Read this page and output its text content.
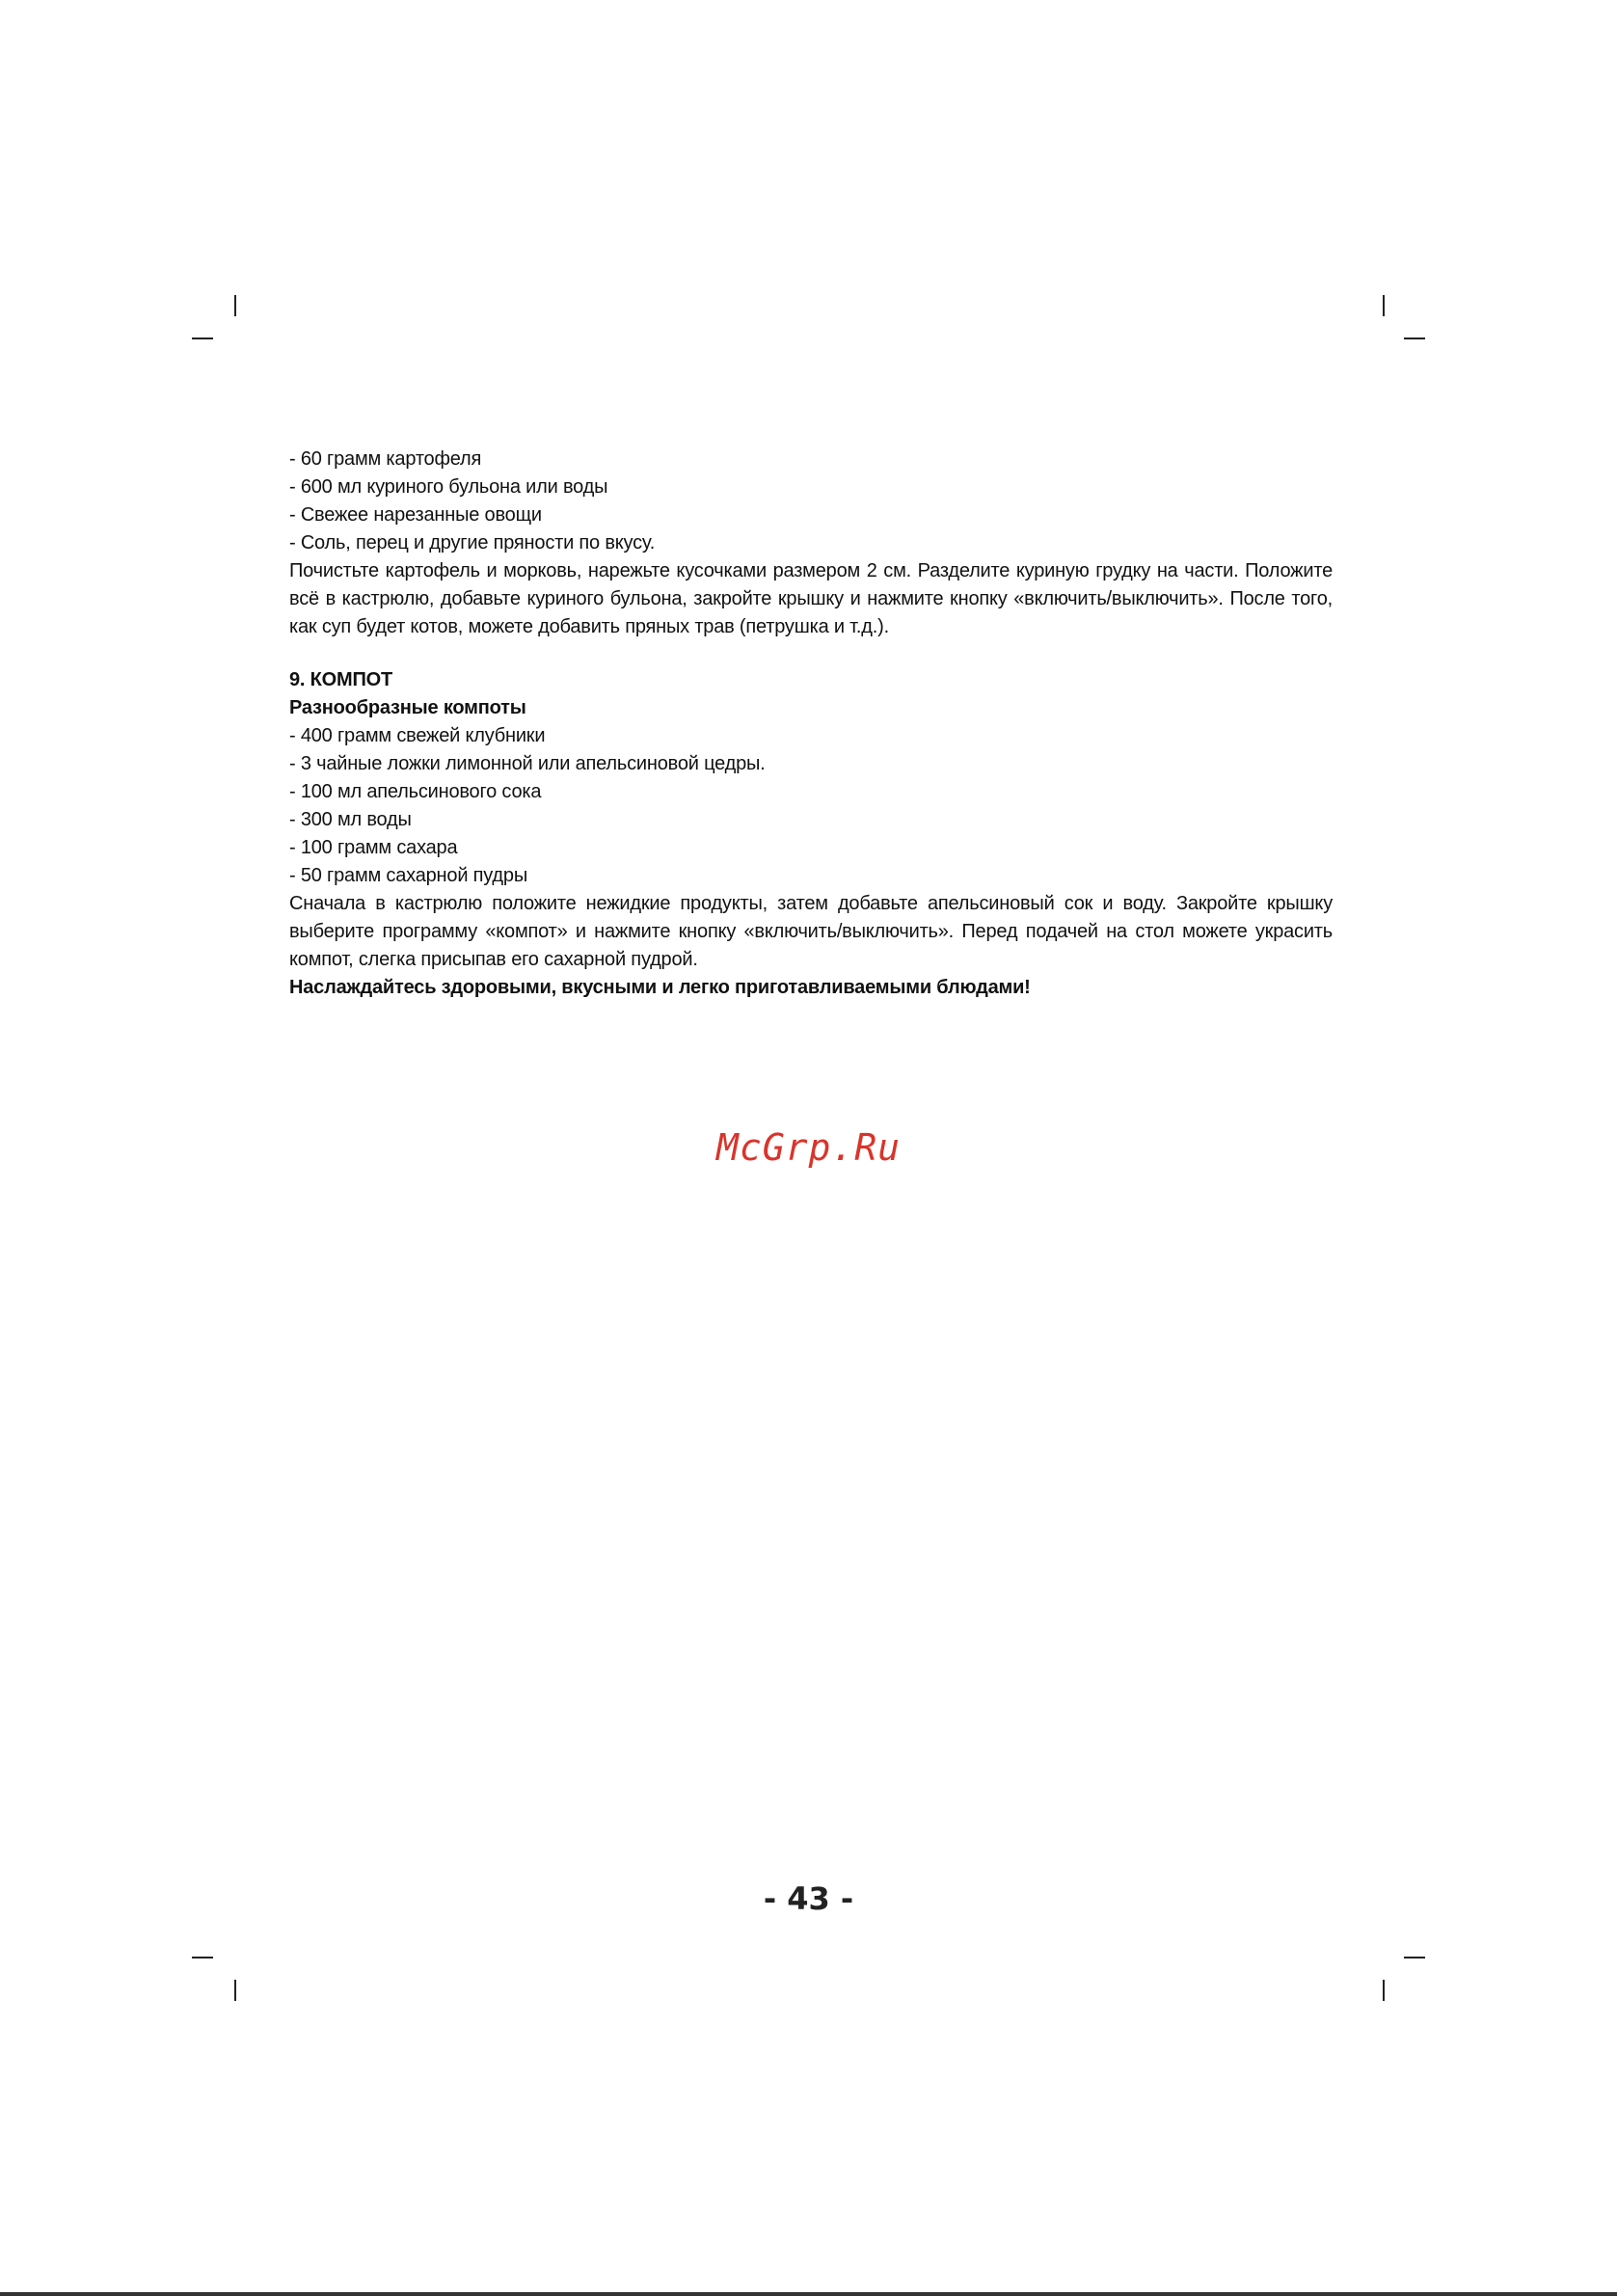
- 60 грамм картофеля

- 600 мл куриного бульона или воды

- Свежее нарезанные овощи

- Соль, перец и другие пряности по вкусу.

Почистьте картофель и морковь, нарежьте кусочками размером 2 см. Разделите куриную грудку на части. Положите всё в кастрюлю, добавьте куриного бульона, закройте крышку и нажмите кнопку «включить/выключить». После того, как суп будет котов, можете добавить пряных трав (петрушка и т.д.).

9. КОМПОТ

Разнообразные компоты

- 400 грамм свежей клубники

- 3 чайные ложки лимонной или апельсиновой цедры.

- 100 мл апельсинового сока

- 300 мл воды

- 100 грамм сахара

- 50 грамм сахарной пудры

Сначала в кастрюлю положите нежидкие продукты, затем добавьте апельсиновый сок и воду. Закройте крышку выберите программу «компот» и нажмите кнопку «включить/выключить». Перед подачей на стол можете украсить компот, слегка присыпав его сахарной пудрой.

Наслаждайтесь здоровыми, вкусными и легко приготавливаемыми блюдами!

McGrp.Ru
- 43 -
